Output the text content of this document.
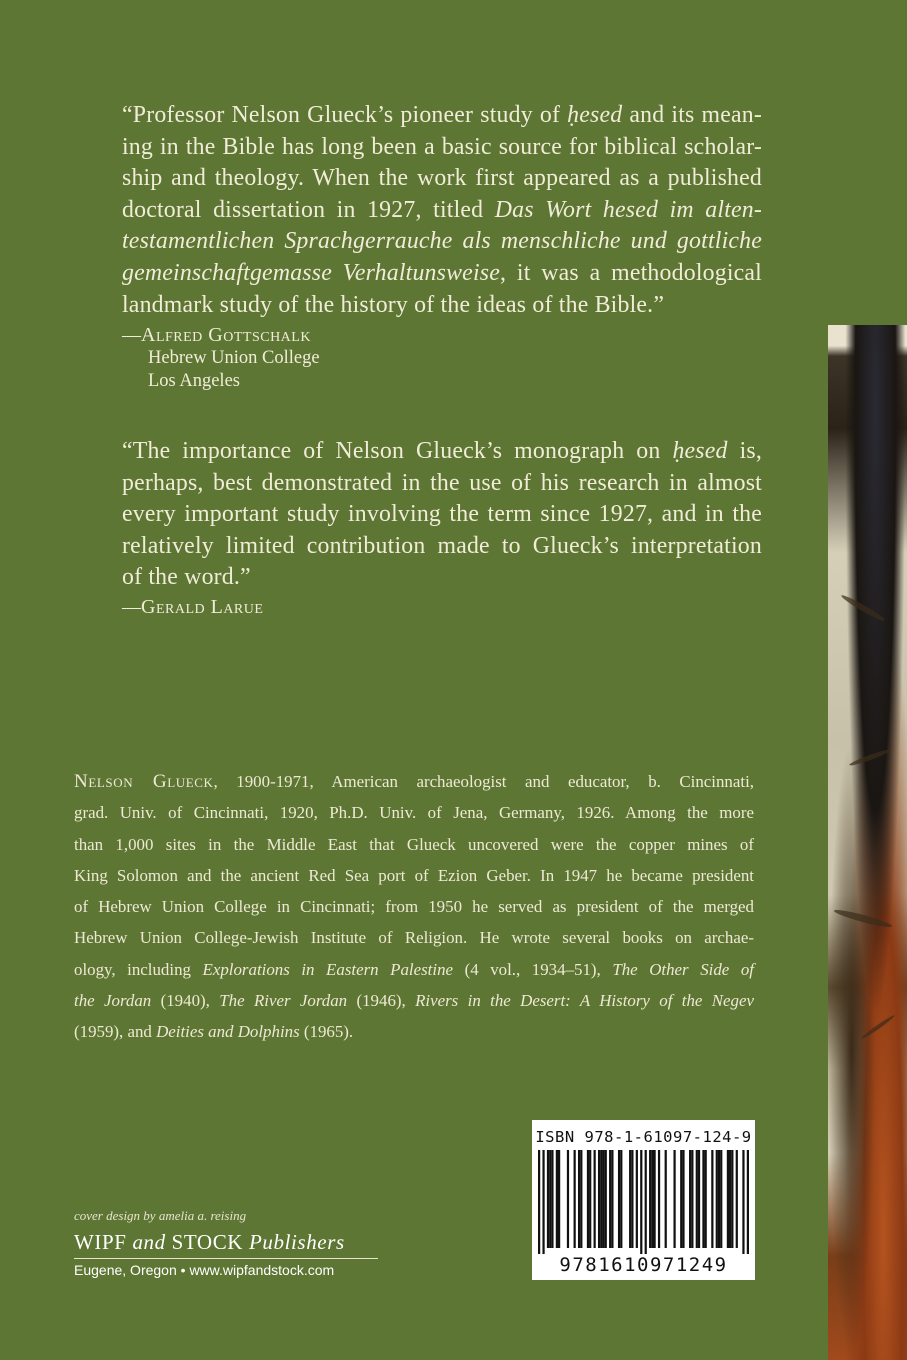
“Professor Nelson Glueck’s pioneer study of ḥesed and its mean-
ing in the Bible has long been a basic source for biblical scholar-
ship and theology. When the work first appeared as a published
doctoral dissertation in 1927, titled Das Wort hesed im alten-
testamentlichen Sprachgerrauche als menschliche und gottliche
gemeinschaftgemasse Verhaltunsweise, it was a methodological
landmark study of the history of the ideas of the Bible.”
—Alfred Gottschalk
Hebrew Union College
Los Angeles
“The importance of Nelson Glueck’s monograph on ḥesed is,
perhaps, best demonstrated in the use of his research in almost
every important study involving the term since 1927, and in the
relatively limited contribution made to Glueck’s interpretation
of the word.”
—Gerald Larue
Nelson Glueck, 1900-1971, American archaeologist and educator, b. Cincinnati,
grad. Univ. of Cincinnati, 1920, Ph.D. Univ. of Jena, Germany, 1926. Among the more
than 1,000 sites in the Middle East that Glueck uncovered were the copper mines of
King Solomon and the ancient Red Sea port of Ezion Geber. In 1947 he became president
of Hebrew Union College in Cincinnati; from 1950 he served as president of the merged
Hebrew Union College-Jewish Institute of Religion. He wrote several books on archae-
ology, including Explorations in Eastern Palestine (4 vol., 1934–51), The Other Side of
the Jordan (1940), The River Jordan (1946), Rivers in the Desert: A History of the Negev
(1959), and Deities and Dolphins (1965).
ISBN 978-1-61097-124-9
9781610971249
cover design by amelia a. reising
WIPF and STOCK Publishers
Eugene, Oregon • www.wipfandstock.com
